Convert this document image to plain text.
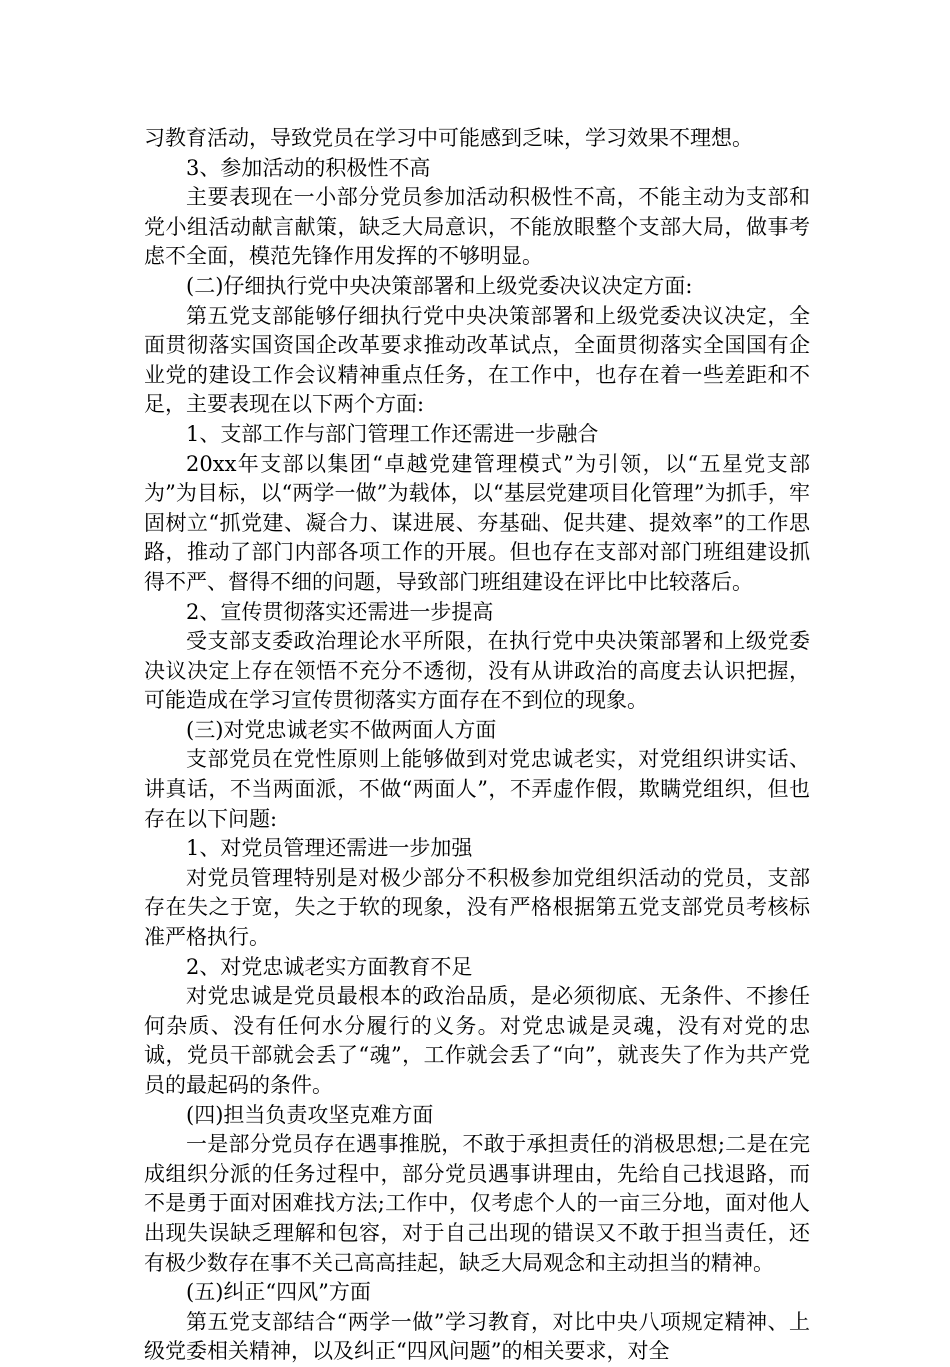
习教育活动，导致党员在学习中可能感到乏味，学习效果不理想。

3、参加活动的积极性不高

主要表现在一小部分党员参加活动积极性不高，不能主动为支部和党小组活动献言献策，缺乏大局意识，不能放眼整个支部大局，做事考虑不全面，模范先锋作用发挥的不够明显。

(二)仔细执行党中央决策部署和上级党委决议决定方面:

第五党支部能够仔细执行党中央决策部署和上级党委决议决定，全面贯彻落实国资国企改革要求推动改革试点，全面贯彻落实全国国有企业党的建设工作会议精神重点任务，在工作中，也存在着一些差距和不足，主要表现在以下两个方面:

1、支部工作与部门管理工作还需进一步融合

20xx年支部以集团“卓越党建管理模式”为引领，以“五星党支部为”为目标，以“两学一做”为载体，以“基层党建项目化管理”为抓手，牢固树立“抓党建、凝合力、谋进展、夯基础、促共建、提效率”的工作思路，推动了部门内部各项工作的开展。但也存在支部对部门班组建设抓得不严、督得不细的问题，导致部门班组建设在评比中比较落后。

2、宣传贯彻落实还需进一步提高

受支部支委政治理论水平所限，在执行党中央决策部署和上级党委决议决定上存在领悟不充分不透彻，没有从讲政治的高度去认识把握，可能造成在学习宣传贯彻落实方面存在不到位的现象。

(三)对党忠诚老实不做两面人方面

支部党员在党性原则上能够做到对党忠诚老实，对党组织讲实话、讲真话，不当两面派，不做“两面人”，不弄虚作假，欺瞒党组织，但也存在以下问题:

1、对党员管理还需进一步加强

对党员管理特别是对极少部分不积极参加党组织活动的党员，支部存在失之于宽，失之于软的现象，没有严格根据第五党支部党员考核标准严格执行。

2、对党忠诚老实方面教育不足

对党忠诚是党员最根本的政治品质，是必须彻底、无条件、不掺任何杂质、没有任何水分履行的义务。对党忠诚是灵魂，没有对党的忠诚，党员干部就会丢了“魂”，工作就会丢了“向”，就丧失了作为共产党员的最起码的条件。

(四)担当负责攻坚克难方面

一是部分党员存在遇事推脱，不敢于承担责任的消极思想;二是在完成组织分派的任务过程中，部分党员遇事讲理由，先给自己找退路，而不是勇于面对困难找方法;工作中，仅考虑个人的一亩三分地，面对他人出现失误缺乏理解和包容，对于自己出现的错误又不敢于担当责任，还有极少数存在事不关己高高挂起，缺乏大局观念和主动担当的精神。

(五)纠正“四风”方面

第五党支部结合“两学一做”学习教育，对比中央八项规定精神、上级党委相关精神，以及纠正“四风问题”的相关要求，对全
